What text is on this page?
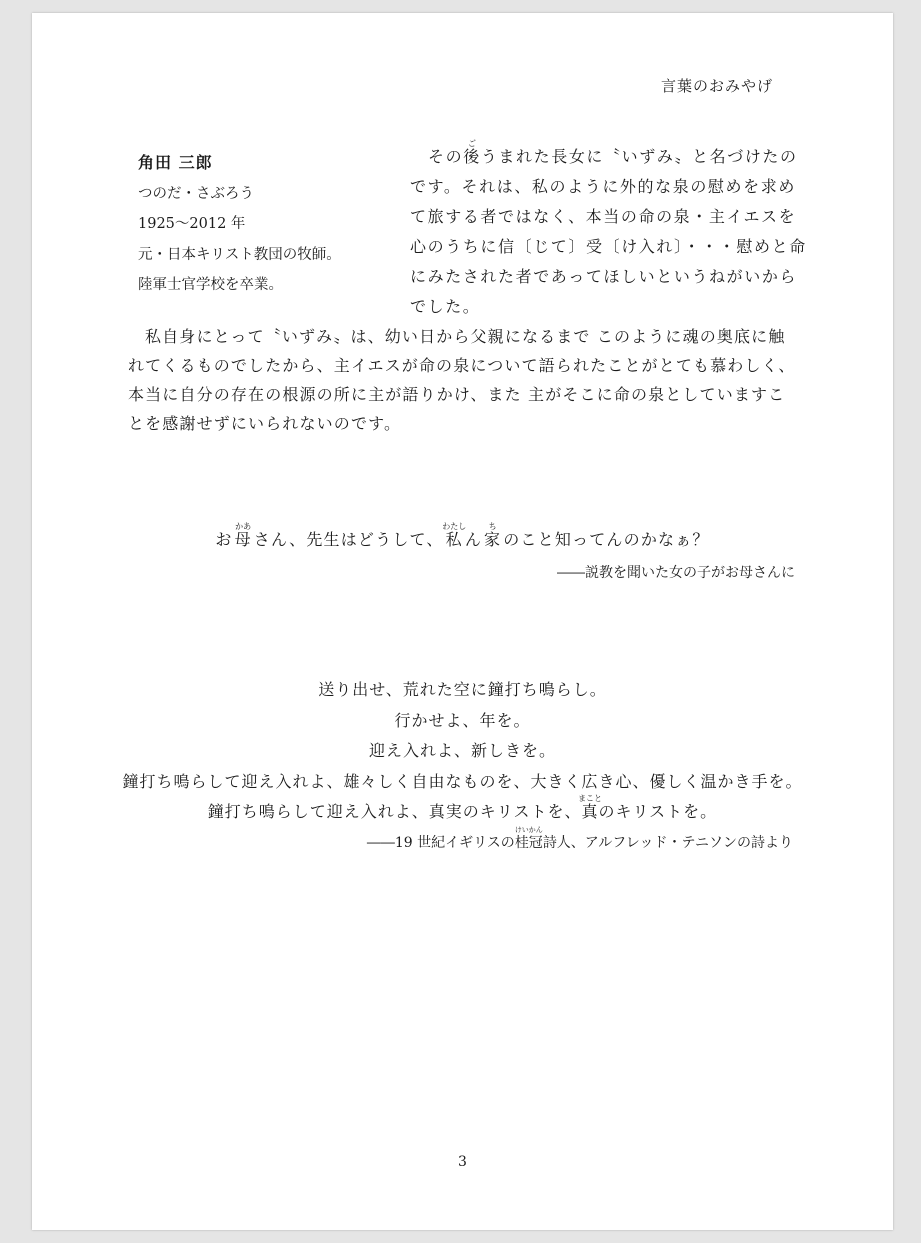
言葉のおみやげ
角田 三郎
つのだ・さぶろう
1925〜2012 年
元・日本キリスト教団の牧師。
陸軍士官学校を卒業。
その 後
ご
うまれた長女に〝いずみ〟と名づけたの
です。それは、私のように外的な泉の慰めを求め
て旅する者ではなく、本当の命の泉・主イエスを
心のうちに信〔じて〕受〔け入れ〕・・・慰めと命
にみたされた者であってほしいというねがいから
でした。
私自身にとって〝いずみ〟は、幼い日から父親になるまで このように魂の奥底に触
れてくるものでしたから、主イエスが命の泉について語られたことがとても慕わしく、
本当に自分の存在の根源の所に主が語りかけ、また 主がそこに命の泉としていますこ
とを感謝せずにいられないのです。
お 母
かあ
さん、先生はどうして、 私
わたし
ん 家
ち
のこと知ってんのかなぁ？
――説教を聞いた女の子がお母さんに
送り出せ、荒れた空に鐘打ち鳴らし。
行かせよ、年を。
迎え入れよ、新しきを。
鐘打ち鳴らして迎え入れよ、雄々しく自由なものを、大きく広き心、優しく温かき手を。
鐘打ち鳴らして迎え入れよ、真実のキリストを、 真
まこと
のキリストを。
――19 世紀イギリスの 桂冠
けいかん
詩人、アルフレッド・テニソンの詩より
3
